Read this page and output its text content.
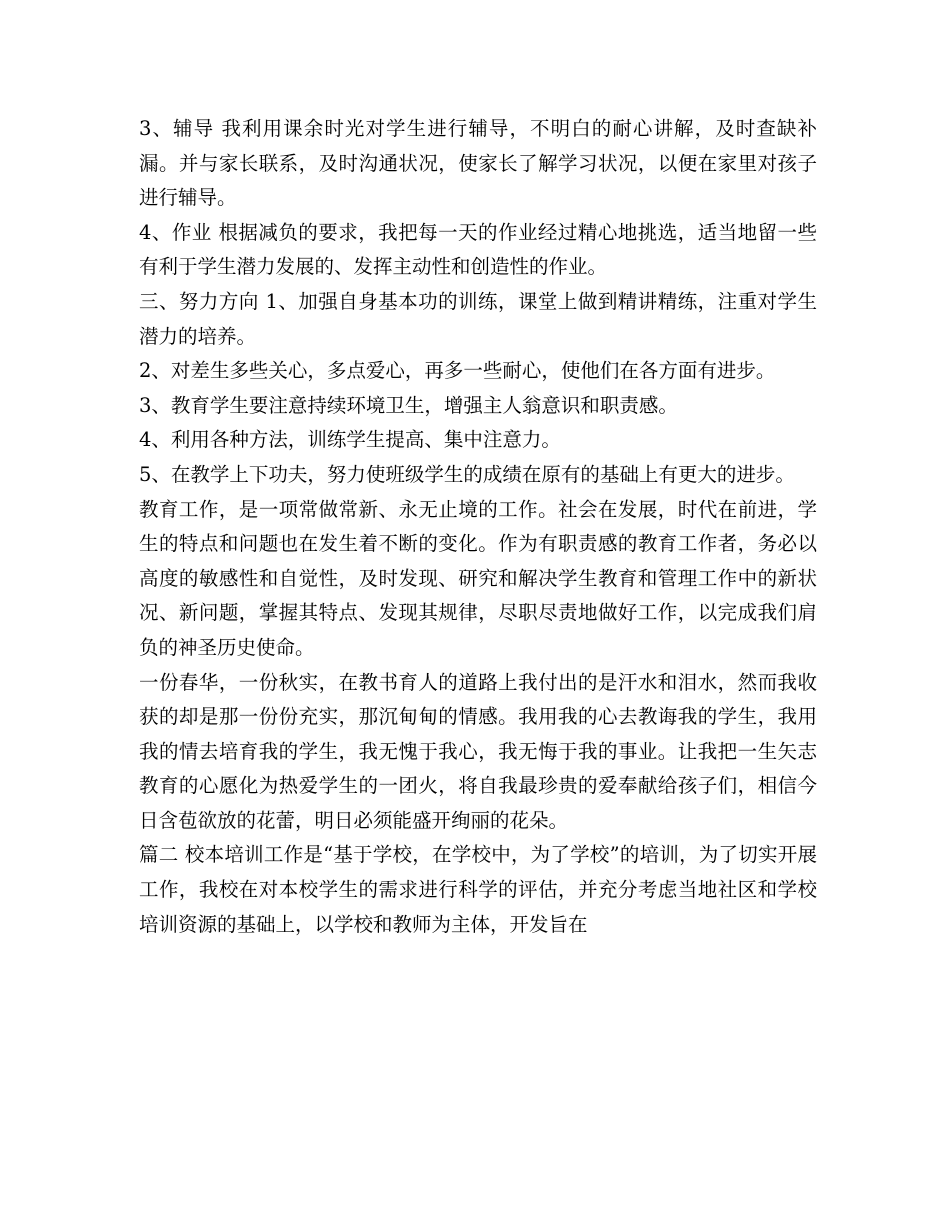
3、辅导 我利用课余时光对学生进行辅导，不明白的耐心讲解，及时查缺补漏。并与家长联系，及时沟通状况，使家长了解学习状况，以便在家里对孩子进行辅导。

4、作业 根据减负的要求，我把每一天的作业经过精心地挑选，适当地留一些有利于学生潜力发展的、发挥主动性和创造性的作业。

三、努力方向 1、加强自身基本功的训练，课堂上做到精讲精练，注重对学生潜力的培养。

2、对差生多些关心，多点爱心，再多一些耐心，使他们在各方面有进步。

3、教育学生要注意持续环境卫生，增强主人翁意识和职责感。

4、利用各种方法，训练学生提高、集中注意力。

5、在教学上下功夫，努力使班级学生的成绩在原有的基础上有更大的进步。

教育工作，是一项常做常新、永无止境的工作。社会在发展，时代在前进，学生的特点和问题也在发生着不断的变化。作为有职责感的教育工作者，务必以高度的敏感性和自觉性，及时发现、研究和解决学生教育和管理工作中的新状况、新问题，掌握其特点、发现其规律，尽职尽责地做好工作，以完成我们肩负的神圣历史使命。

一份春华，一份秋实，在教书育人的道路上我付出的是汗水和泪水，然而我收获的却是那一份份充实，那沉甸甸的情感。我用我的心去教诲我的学生，我用我的情去培育我的学生，我无愧于我心，我无悔于我的事业。让我把一生矢志教育的心愿化为热爱学生的一团火，将自我最珍贵的爱奉献给孩子们，相信今日含苞欲放的花蕾，明日必须能盛开绚丽的花朵。

篇二 校本培训工作是“基于学校，在学校中，为了学校”的培训，为了切实开展工作，我校在对本校学生的需求进行科学的评估，并充分考虑当地社区和学校培训资源的基础上，以学校和教师为主体，开发旨在
